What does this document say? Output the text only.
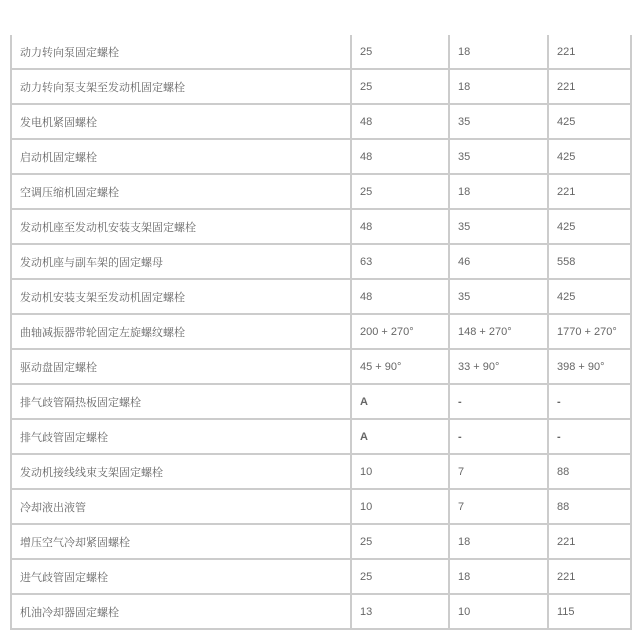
动力转向泵固定螺栓	25	18	221
动力转向泵支架至发动机固定螺栓	25	18	221
发电机紧固螺栓	48	35	425
启动机固定螺栓	48	35	425
空调压缩机固定螺栓	25	18	221
发动机座至发动机安装支架固定螺栓	48	35	425
发动机座与副车架的固定螺母	63	46	558
发动机安装支架至发动机固定螺栓	48	35	425
曲轴减振器带轮固定左旋螺纹螺栓	200 + 270°	148 + 270°	1770 + 270°
驱动盘固定螺栓	45 + 90°	33 + 90°	398 + 90°
排气歧管隔热板固定螺栓	A	-	-
排气歧管固定螺栓	A	-	-
发动机接线线束支架固定螺栓	10	7	88
冷却液出液管	10	7	88
增压空气冷却紧固螺栓	25	18	221
进气歧管固定螺栓	25	18	221
机油冷却器固定螺栓	13	10	115
